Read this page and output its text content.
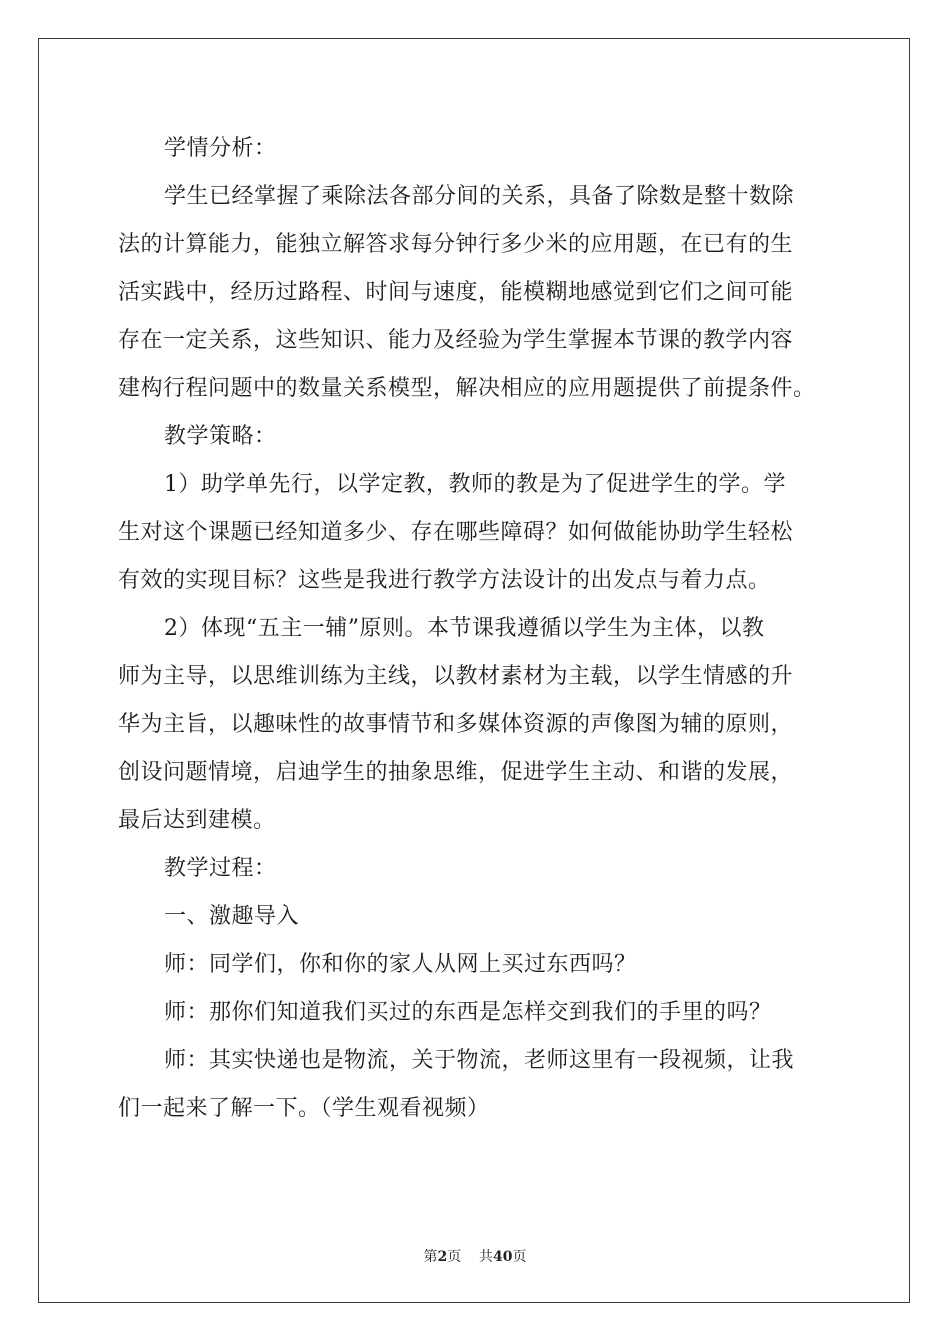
学情分析：
学生已经掌握了乘除法各部分间的关系，具备了除数是整十数除
法的计算能力，能独立解答求每分钟行多少米的应用题，在已有的生
活实践中，经历过路程、时间与速度，能模糊地感觉到它们之间可能
存在一定关系，这些知识、能力及经验为学生掌握本节课的教学内容
建构行程问题中的数量关系模型，解决相应的应用题提供了前提条件。
教学策略：
1）助学单先行，以学定教，教师的教是为了促进学生的学。学
生对这个课题已经知道多少、存在哪些障碍？如何做能协助学生轻松
有效的实现目标？这些是我进行教学方法设计的出发点与着力点。
2）体现“五主一辅”原则。本节课我遵循以学生为主体，以教
师为主导，以思维训练为主线，以教材素材为主载，以学生情感的升
华为主旨，以趣味性的故事情节和多媒体资源的声像图为辅的原则，
创设问题情境，启迪学生的抽象思维，促进学生主动、和谐的发展，
最后达到建模。
教学过程：
一、激趣导入
师：同学们，你和你的家人从网上买过东西吗？
师：那你们知道我们买过的东西是怎样交到我们的手里的吗？
师：其实快递也是物流，关于物流，老师这里有一段视频，让我
们一起来了解一下。（学生观看视频）
第2页 共40页
